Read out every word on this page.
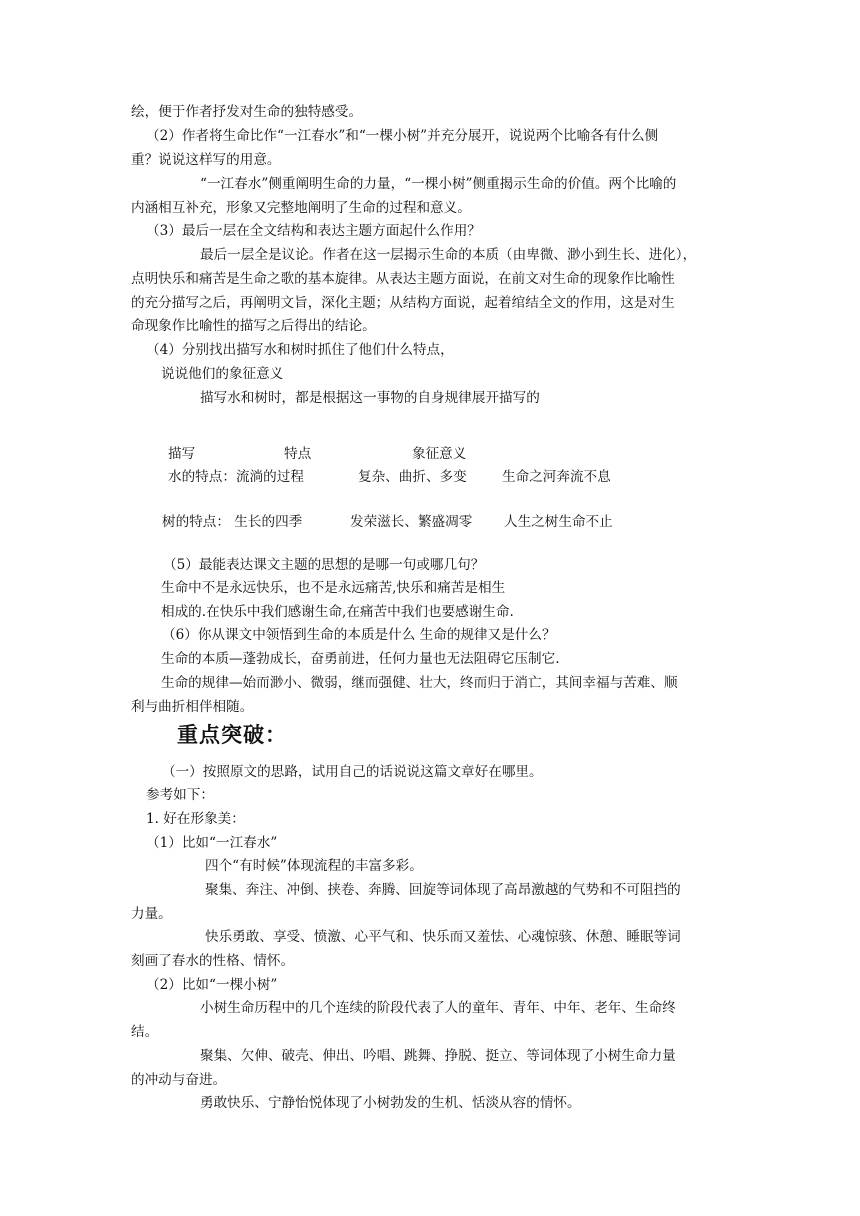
绘，便于作者抒发对生命的独特感受。

（2）作者将生命比作“一江春水”和“一棵小树”并充分展开，说说两个比喻各有什么侧

重？说说这样写的用意。

“一江春水”侧重阐明生命的力量，“一棵小树”侧重揭示生命的价值。两个比喻的

内涵相互补充，形象又完整地阐明了生命的过程和意义。

（3）最后一层在全文结构和表达主题方面起什么作用？

最后一层全是议论。作者在这一层揭示生命的本质（由卑微、渺小到生长、进化），

点明快乐和痛苦是生命之歌的基本旋律。从表达主题方面说，在前文对生命的现象作比喻性

的充分描写之后，再阐明文旨，深化主题；从结构方面说，起着绾结全文的作用，这是对生

命现象作比喻性的描写之后得出的结论。

（4）分别找出描写水和树时抓住了他们什么特点，

说说他们的象征意义

描写水和树时，都是根据这一事物的自身规律展开描写的

描写	特点	象征意义
水的特点：流淌的过程	复杂、曲折、多变	生命之河奔流不息
树的特点： 生长的四季	发荣滋长、繁盛凋零 人生之树生命不止

（5）最能表达课文主题的思想的是哪一句或哪几句？

生命中不是永远快乐，也不是永远痛苦,快乐和痛苦是相生

相成的.在快乐中我们感谢生命,在痛苦中我们也要感谢生命.

（6）你从课文中领悟到生命的本质是什么 生命的规律又是什么？

生命的本质—蓬勃成长，奋勇前进，任何力量也无法阻碍它压制它.

生命的规律—始而渺小、微弱，继而强健、壮大，终而归于消亡，其间幸福与苦难、顺

利与曲折相伴相随。

重点突破：

（一）按照原文的思路，试用自己的话说说这篇文章好在哪里。

参考如下：

1. 好在形象美：

（1）比如“一江春水”

四个“有时候”体现流程的丰富多彩。

聚集、奔注、冲倒、挟卷、奔腾、回旋等词体现了高昂激越的气势和不可阻挡的

力量。

快乐勇敢、享受、愤激、心平气和、快乐而又羞怯、心魂惊骇、休憩、睡眠等词

刻画了春水的性格、情怀。

（2）比如“一棵小树”

小树生命历程中的几个连续的阶段代表了人的童年、青年、中年、老年、生命终

结。

聚集、欠伸、破壳、伸出、吟唱、跳舞、挣脱、挺立、等词体现了小树生命力量

的冲动与奋进。

勇敢快乐、宁静怡悦体现了小树勃发的生机、恬淡从容的情怀。
